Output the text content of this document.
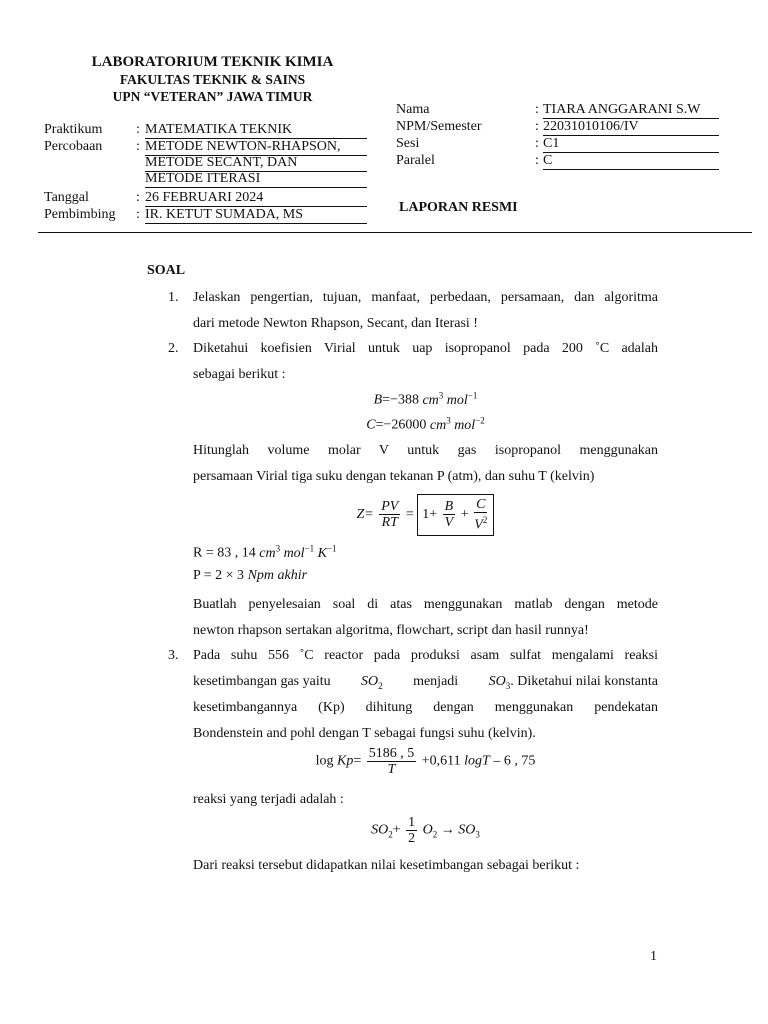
LABORATORIUM TEKNIK KIMIA
FAKULTAS TEKNIK & SAINS
UPN “VETERAN” JAWA TIMUR
Praktikum : MATEMATIKA TEKNIK
Percobaan : METODE NEWTON-RHAPSON,
METODE SECANT, DAN
METODE ITERASI
Tanggal	: 26 FEBRUARI 2024
Pembimbing : IR. KETUT SUMADA, MS
Nama	: TIARA ANGGARANI S.W
NPM/Semester	: 22031010106/IV
Sesi	: C1
Paralel	: C
LAPORAN RESMI
SOAL
1. Jelaskan pengertian, tujuan, manfaat, perbedaan, persamaan, dan algoritma
dari metode Newton Rhapson, Secant, dan Iterasi !
2. Diketahui koefisien Virial untuk uap isopropanol pada 200 ˚C adalah
sebagai berikut :
B=−388 $cm^3$ mol$^{-1}$
C=−26000 $cm^3$ mol$^{-2}$
Hitunglah volume molar V untuk gas isopropanol menggunakan
persamaan Virial tiga suku dengan tekanan P (atm), dan suhu T (kelvin)
$Z= \frac{PV}{RT} = 1+ \frac{B}{V} + \frac{C}{V^2}$
R = 83 , 14 $cm^3$ mol$^{-1}$ $K^{-1}$
P = 2 × 3 Npm akhir
Buatlah penyelesaian soal di atas menggunakan matlab dengan metode
newton rhapson sertakan algoritma, flowchart, script dan hasil runnya!
3. Pada suhu 556 ˚C reactor pada produksi asam sulfat mengalami reaksi
kesetimbangan gas yaitu $SO_2$ menjadi $SO_3$. Diketahui nilai konstanta
kesetimbangannya (Kp) dihitung dengan menggunakan pendekatan
Bondenstein and pohl dengan T sebagai fungsi suhu (kelvin).
$\log Kp= \frac{5186 , 5}{T} +0,611$ logT – 6 , 75
reaksi yang terjadi adalah :
$SO_2+ \frac{1}{2} O_2 \to SO_3$
Dari reaksi tersebut didapatkan nilai kesetimbangan sebagai berikut :
1
